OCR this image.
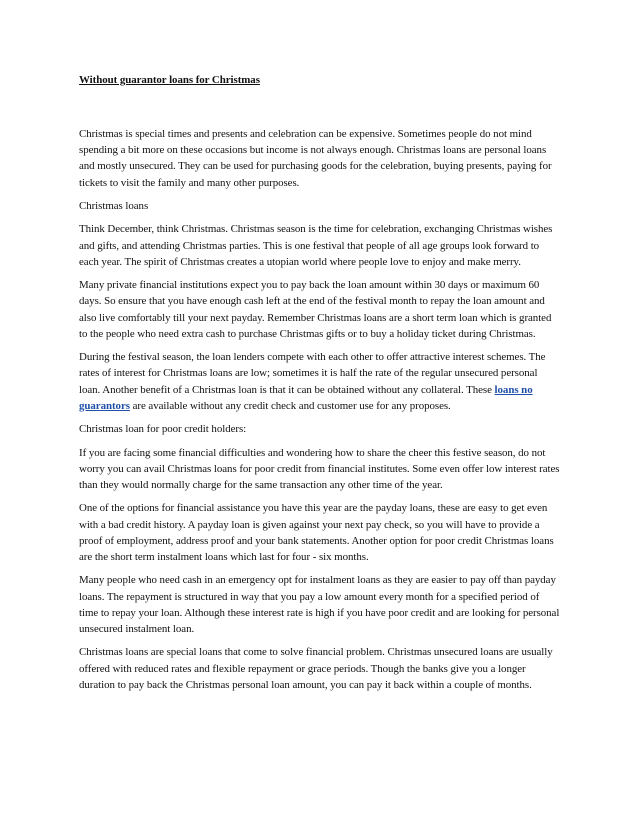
Without guarantor loans for Christmas

Christmas is special times and presents and celebration can be expensive. Sometimes people do not mind spending a bit more on these occasions but income is not always enough. Christmas loans are personal loans and mostly unsecured. They can be used for purchasing goods for the celebration, buying presents, paying for tickets to visit the family and many other purposes.

Christmas loans

Think December, think Christmas. Christmas season is the time for celebration, exchanging Christmas wishes and gifts, and attending Christmas parties. This is one festival that people of all age groups look forward to each year. The spirit of Christmas creates a utopian world where people love to enjoy and make merry.

Many private financial institutions expect you to pay back the loan amount within 30 days or maximum 60 days. So ensure that you have enough cash left at the end of the festival month to repay the loan amount and also live comfortably till your next payday. Remember Christmas loans are a short term loan which is granted to the people who need extra cash to purchase Christmas gifts or to buy a holiday ticket during Christmas.

During the festival season, the loan lenders compete with each other to offer attractive interest schemes. The rates of interest for Christmas loans are low; sometimes it is half the rate of the regular unsecured personal loan. Another benefit of a Christmas loan is that it can be obtained without any collateral. These loans no guarantors are available without any credit check and customer use for any proposes.

Christmas loan for poor credit holders:

If you are facing some financial difficulties and wondering how to share the cheer this festive season, do not worry you can avail Christmas loans for poor credit from financial institutes. Some even offer low interest rates than they would normally charge for the same transaction any other time of the year.

One of the options for financial assistance you have this year are the payday loans, these are easy to get even with a bad credit history. A payday loan is given against your next pay check, so you will have to provide a proof of employment, address proof and your bank statements. Another option for poor credit Christmas loans are the short term instalment loans which last for four - six months.

Many people who need cash in an emergency opt for instalment loans as they are easier to pay off than payday loans. The repayment is structured in way that you pay a low amount every month for a specified period of time to repay your loan. Although these interest rate is high if you have poor credit and are looking for personal unsecured instalment loan.

Christmas loans are special loans that come to solve financial problem. Christmas unsecured loans are usually offered with reduced rates and flexible repayment or grace periods. Though the banks give you a longer duration to pay back the Christmas personal loan amount, you can pay it back within a couple of months.
